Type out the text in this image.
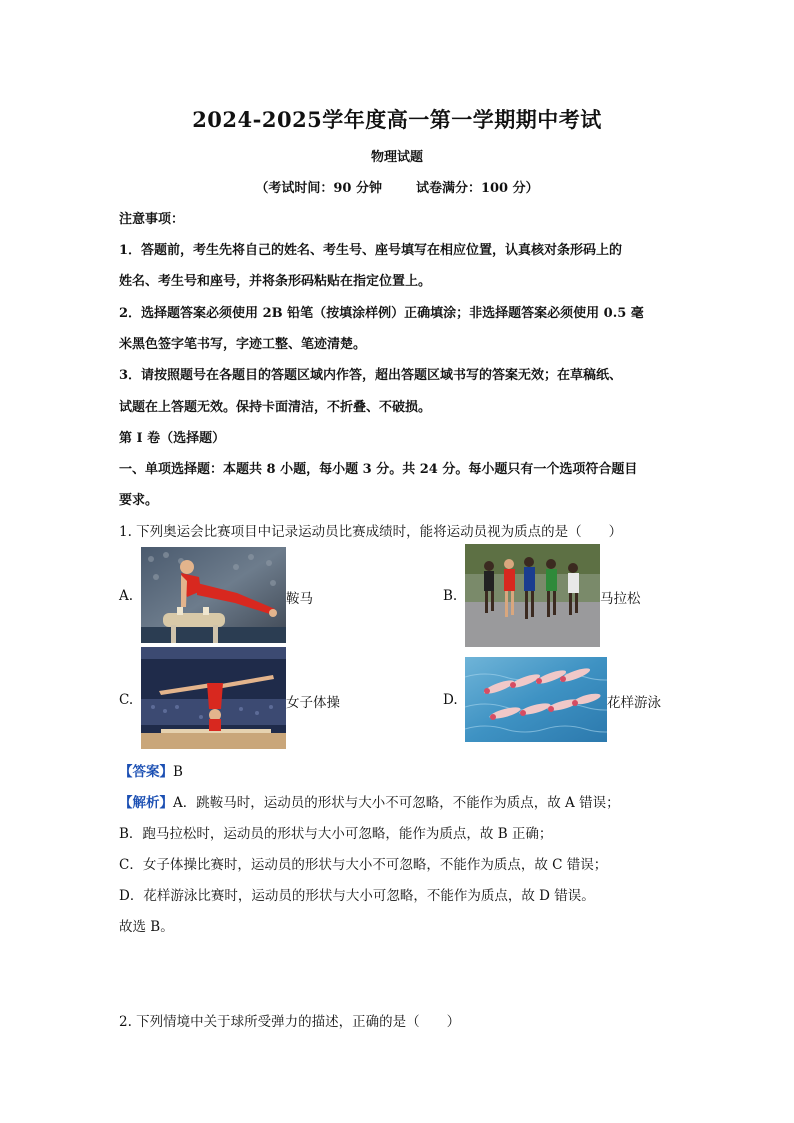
2024-2025学年度高一第一学期期中考试
物理试题
（考试时间：90 分钟	试卷满分：100 分）
注意事项：
1．答题前，考生先将自己的姓名、考生号、座号填写在相应位置，认真核对条形码上的
姓名、考生号和座号，并将条形码粘贴在指定位置上。
2．选择题答案必须使用 2B 铅笔（按填涂样例）正确填涂；非选择题答案必须使用 0.5 毫
米黑色签字笔书写，字迹工整、笔迹清楚。
3．请按照题号在各题目的答题区域内作答，超出答题区域书写的答案无效；在草稿纸、
试题在上答题无效。保持卡面清洁，不折叠、不破损。
第 I 卷（选择题）
一、单项选择题：本题共 8 小题，每小题 3 分。共 24 分。每小题只有一个选项符合题目
要求。
1. 下列奥运会比赛项目中记录运动员比赛成绩时，能将运动员视为质点的是（　　）
A.	鞍马	B.	马拉松
C.	女子体操	D.	花样游泳
【答案】B
【解析】A．跳鞍马时，运动员的形状与大小不可忽略，不能作为质点，故 A 错误；
B．跑马拉松时，运动员的形状与大小可忽略，能作为质点，故 B 正确；
C．女子体操比赛时，运动员的形状与大小不可忽略，不能作为质点，故 C 错误；
D．花样游泳比赛时，运动员的形状与大小可忽略，不能作为质点，故 D 错误。
故选 B。
2. 下列情境中关于球所受弹力的描述，正确的是（　　）
